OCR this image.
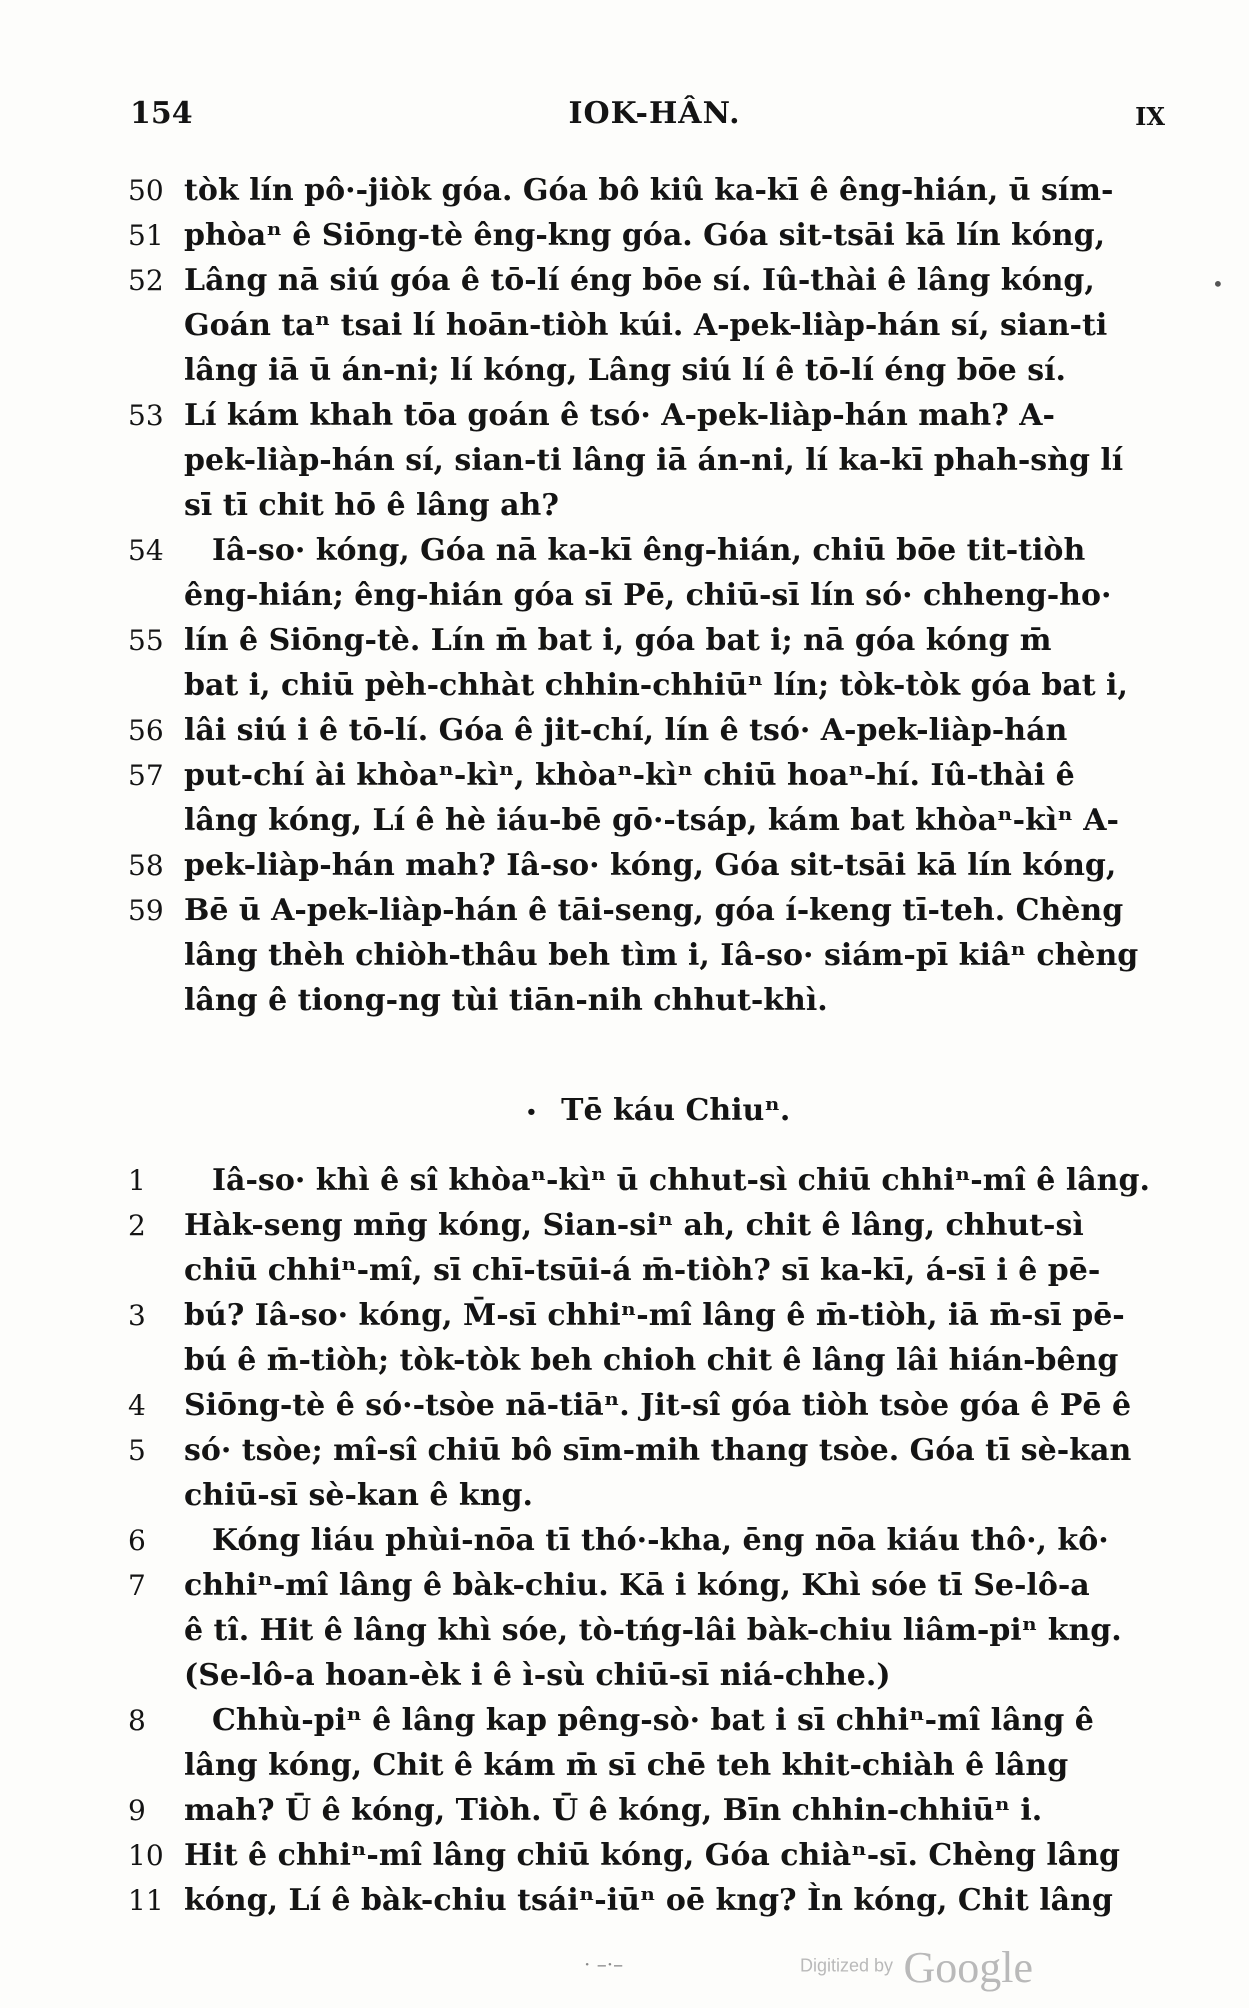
154	IOK-HÂN.	IX
•
50 tòk lín pô·-jiòk góa. Góa bô kiû ka-kī ê êng-hián, ū sím-
51 phòaⁿ ê Siōng-tè êng-kng góa. Góa sit-tsāi kā lín kóng,
52 Lâng nā siú góa ê tō-lí éng bōe sí. Iû-thài ê lâng kóng,
Goán taⁿ tsai lí hoān-tiòh kúi. A-pek-liàp-hán sí, sian-ti
lâng iā ū án-ni; lí kóng, Lâng siú lí ê tō-lí éng bōe sí.
53 Lí kám khah tōa goán ê tsó· A-pek-liàp-hán mah? A-
pek-liàp-hán sí, sian-ti lâng iā án-ni, lí ka-kī phah-sǹg lí
sī tī chit hō ê lâng ah?
54	Iâ-so· kóng, Góa nā ka-kī êng-hián, chiū bōe tit-tiòh
êng-hián; êng-hián góa sī Pē, chiū-sī lín só· chheng-ho·
55 lín ê Siōng-tè. Lín m̄ bat i, góa bat i; nā góa kóng m̄
bat i, chiū pèh-chhàt chhin-chhiūⁿ lín; tòk-tòk góa bat i,
56 lâi siú i ê tō-lí. Góa ê jit-chí, lín ê tsó· A-pek-liàp-hán
57 put-chí ài khòaⁿ-kìⁿ, khòaⁿ-kìⁿ chiū hoaⁿ-hí. Iû-thài ê
lâng kóng, Lí ê hè iáu-bē gō·-tsáp, kám bat khòaⁿ-kìⁿ A-
58 pek-liàp-hán mah? Iâ-so· kóng, Góa sit-tsāi kā lín kóng,
59 Bē ū A-pek-liàp-hán ê tāi-seng, góa í-keng tī-teh. Chèng
lâng thèh chiòh-thâu beh tìm i, Iâ-so· siám-pī kiâⁿ chèng
lâng ê tiong-ng tùi tiān-nih chhut-khì.
• Tē káu Chiuⁿ.
1	Iâ-so· khì ê sî khòaⁿ-kìⁿ ū chhut-sì chiū chhiⁿ-mî ê lâng.
2	Hàk-seng mn̄g kóng, Sian-siⁿ ah, chit ê lâng, chhut-sì
chiū chhiⁿ-mî, sī chī-tsūi-á m̄-tiòh? sī ka-kī, á-sī i ê pē-
3	bú? Iâ-so· kóng, M̄-sī chhiⁿ-mî lâng ê m̄-tiòh, iā m̄-sī pē-
bú ê m̄-tiòh; tòk-tòk beh chioh chit ê lâng lâi hián-bêng
4	Siōng-tè ê só·-tsòe nā-tiāⁿ. Jit-sî góa tiòh tsòe góa ê Pē ê
5	só· tsòe; mî-sî chiū bô sīm-mih thang tsòe. Góa tī sè-kan
chiū-sī sè-kan ê kng.
6	Kóng liáu phùi-nōa tī thó·-kha, ēng nōa kiáu thô·, kô·
7	chhiⁿ-mî lâng ê bàk-chiu. Kā i kóng, Khì sóe tī Se-lô-a
ê tî. Hit ê lâng khì sóe, tò-tńg-lâi bàk-chiu liâm-piⁿ kng.
(Se-lô-a hoan-èk i ê ì-sù chiū-sī niá-chhe.)
8	Chhù-piⁿ ê lâng kap pêng-sò· bat i sī chhiⁿ-mî lâng ê
lâng kóng, Chit ê kám m̄ sī chē teh khit-chiàh ê lâng
9	mah? Ū ê kóng, Tiòh. Ū ê kóng, Bīn chhin-chhiūⁿ i.
10 Hit ê chhiⁿ-mî lâng chiū kóng, Góa chiàⁿ-sī. Chèng lâng
11 kóng, Lí ê bàk-chiu tsáiⁿ-iūⁿ oē kng? Ìn kóng, Chit lâng
· –·–	Digitized by Google
